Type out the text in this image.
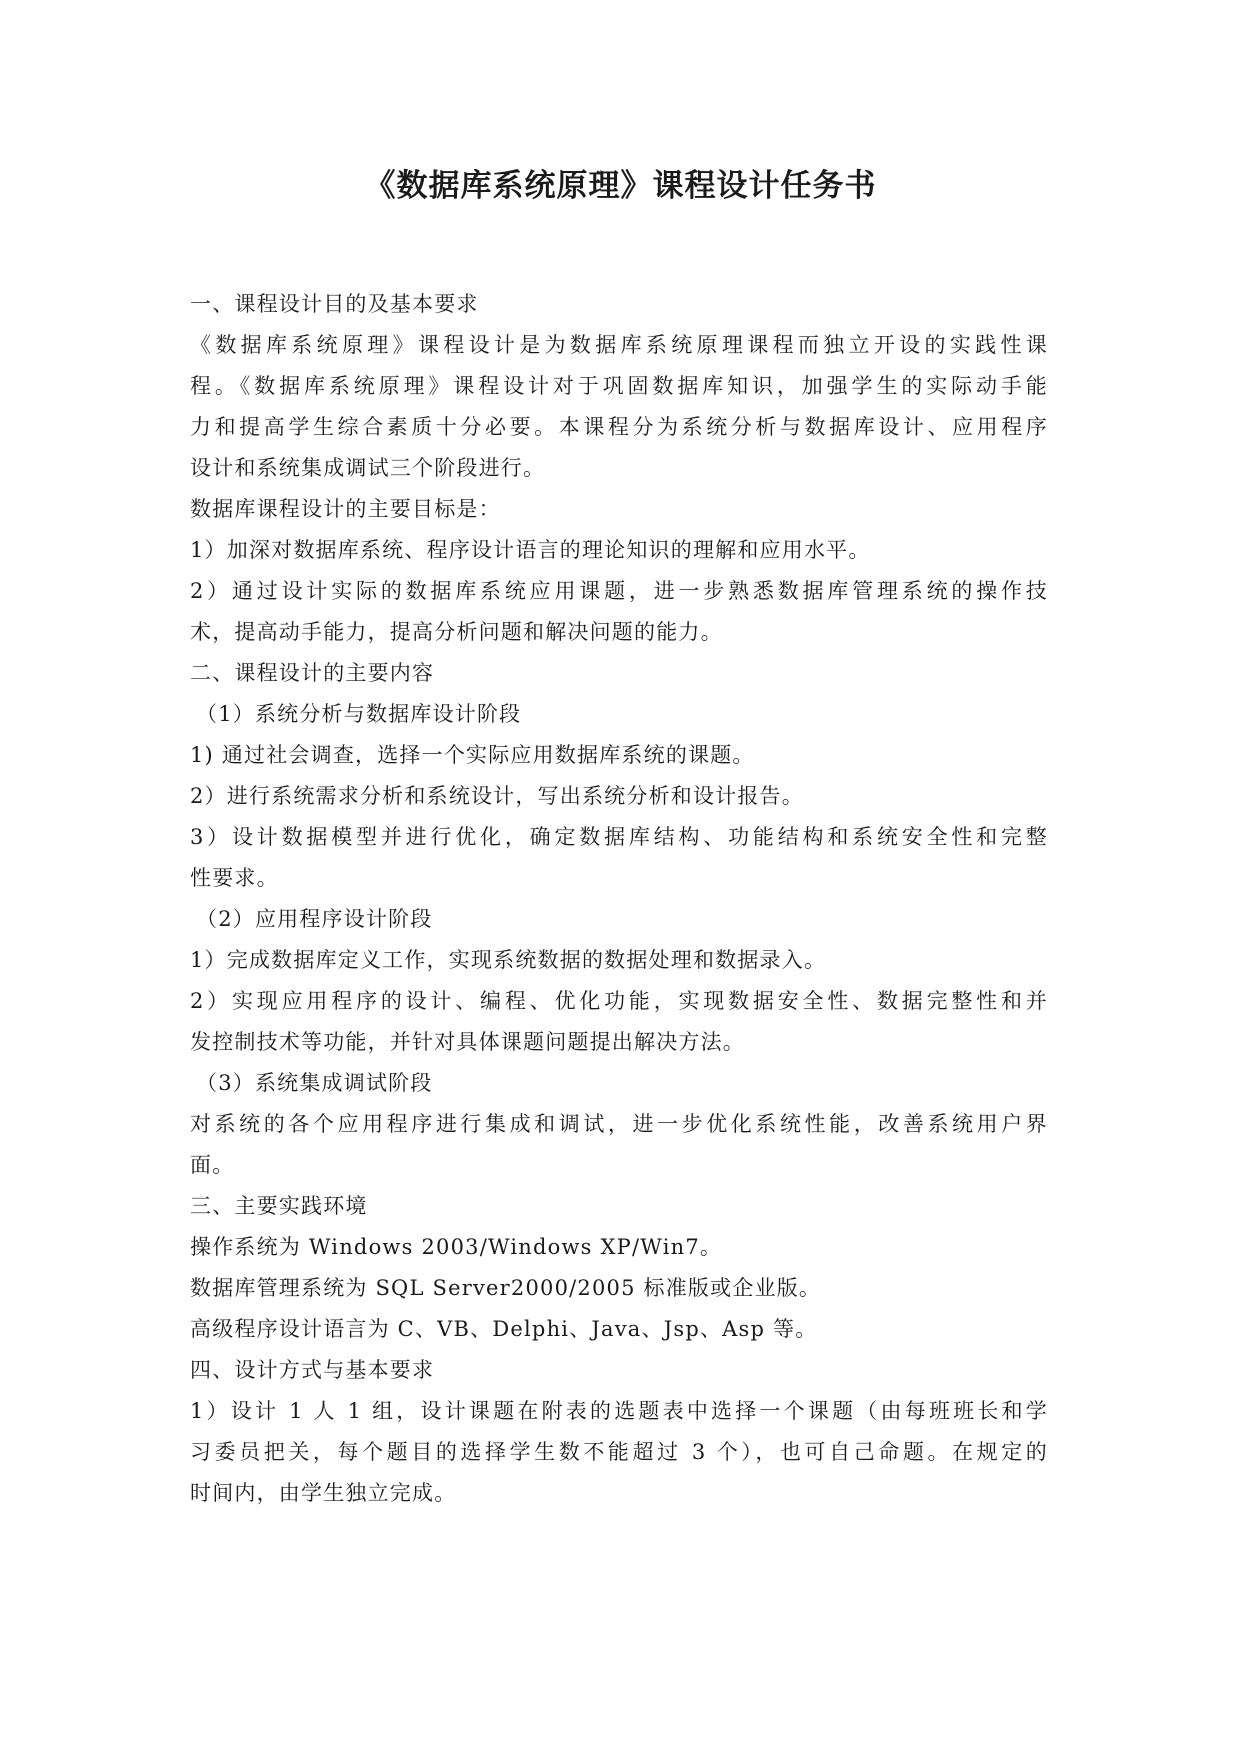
《数据库系统原理》课程设计任务书
一、课程设计目的及基本要求
《数据库系统原理》课程设计是为数据库系统原理课程而独立开设的实践性课
程。《数据库系统原理》课程设计对于巩固数据库知识，加强学生的实际动手能
力和提高学生综合素质十分必要。本课程分为系统分析与数据库设计、应用程序
设计和系统集成调试三个阶段进行。
数据库课程设计的主要目标是：
1）加深对数据库系统、程序设计语言的理论知识的理解和应用水平。
2）通过设计实际的数据库系统应用课题，进一步熟悉数据库管理系统的操作技
术，提高动手能力，提高分析问题和解决问题的能力。
二、课程设计的主要内容
（1）系统分析与数据库设计阶段
1) 通过社会调查，选择一个实际应用数据库系统的课题。
2）进行系统需求分析和系统设计，写出系统分析和设计报告。
3）设计数据模型并进行优化，确定数据库结构、功能结构和系统安全性和完整
性要求。
（2）应用程序设计阶段
1）完成数据库定义工作，实现系统数据的数据处理和数据录入。
2）实现应用程序的设计、编程、优化功能，实现数据安全性、数据完整性和并
发控制技术等功能，并针对具体课题问题提出解决方法。
（3）系统集成调试阶段
对系统的各个应用程序进行集成和调试，进一步优化系统性能，改善系统用户界
面。
三、主要实践环境
操作系统为 Windows 2003/Windows XP/Win7。
数据库管理系统为 SQL Server2000/2005 标准版或企业版。
高级程序设计语言为 C、VB、Delphi、Java、Jsp、Asp 等。
四、设计方式与基本要求
1）设计 1 人 1 组，设计课题在附表的选题表中选择一个课题（由每班班长和学
习委员把关，每个题目的选择学生数不能超过 3 个），也可自己命题。在规定的
时间内，由学生独立完成。
